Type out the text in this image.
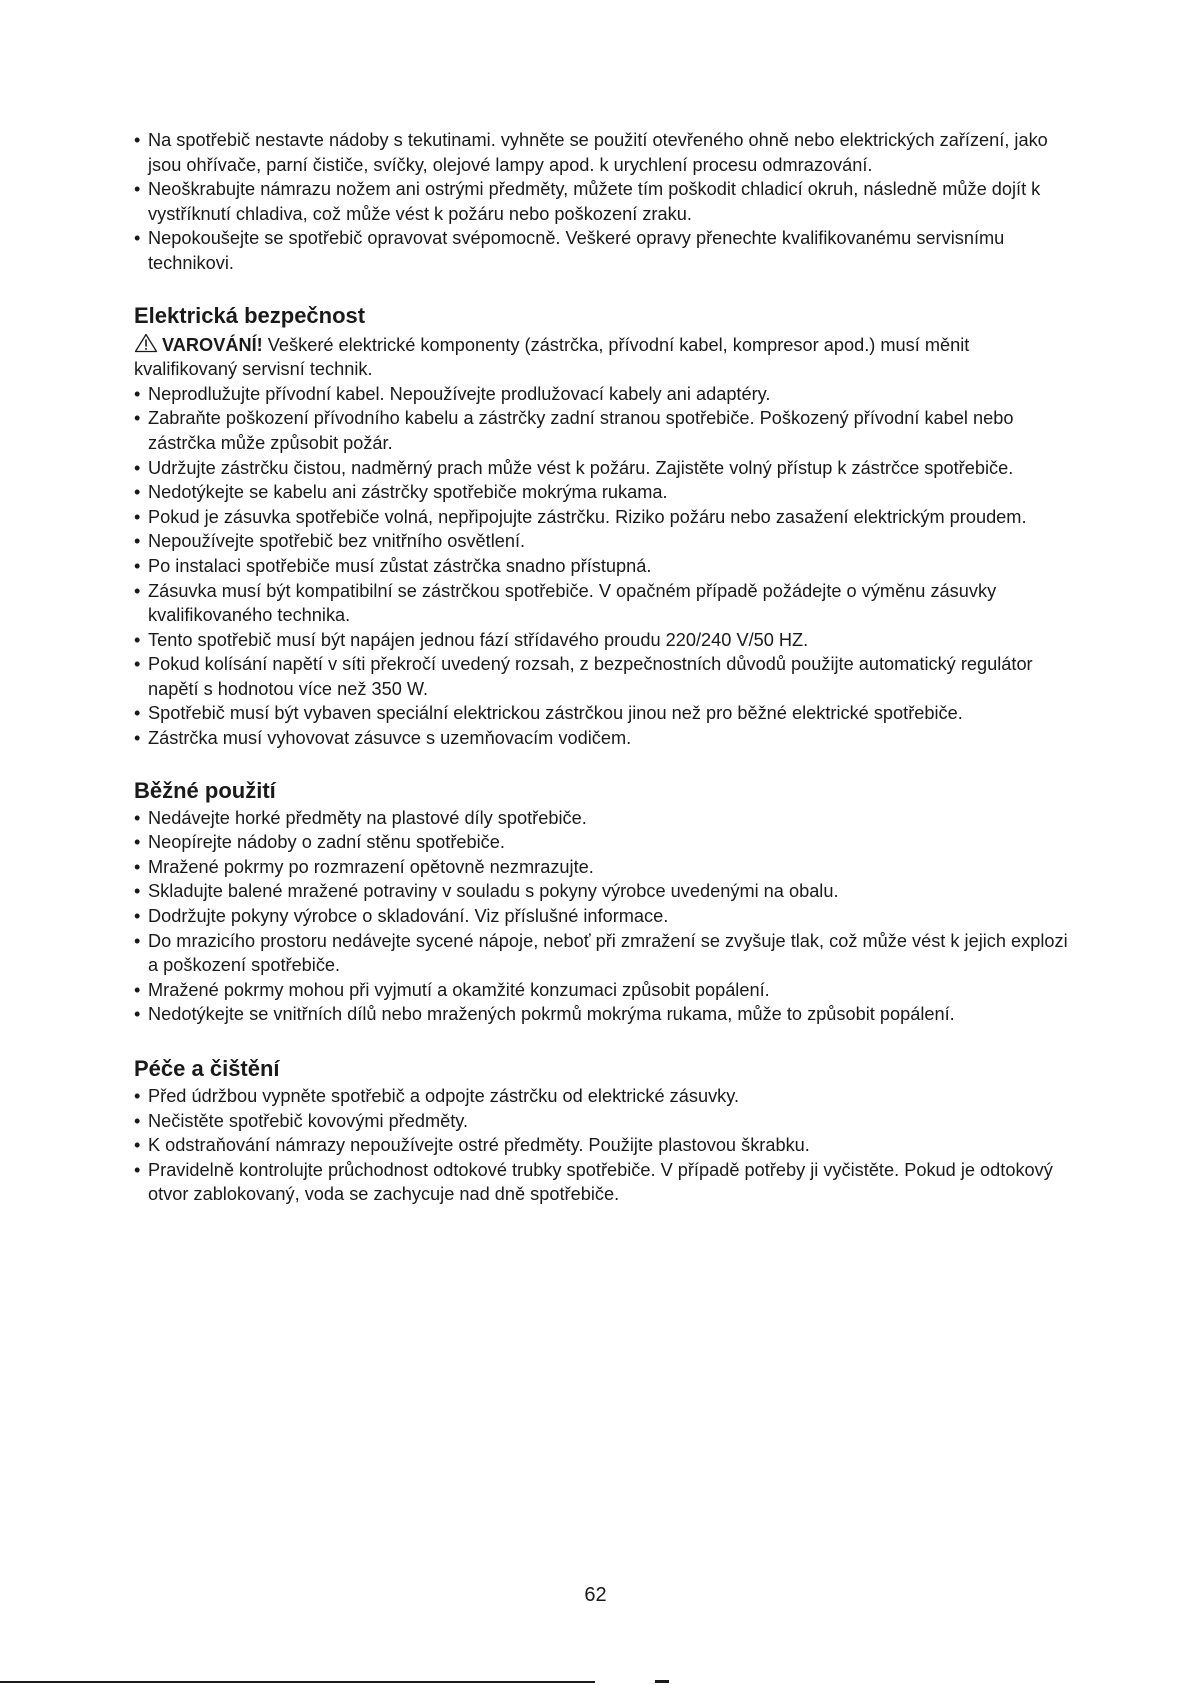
• Na spotřebič nestavte nádoby s tekutinami. vyhněte se použití otevřeného ohně nebo elektrických zařízení, jako jsou ohřívače, parní čističe, svíčky, olejové lampy apod. k urychlení procesu odmrazování.
• Neoškrabujte námrazu nožem ani ostrými předměty, můžete tím poškodit chladicí okruh, následně může dojít k vystříknutí chladiva, což může vést k požáru nebo poškození zraku.
• Nepokoušejte se spotřebič opravovat svépomocně. Veškeré opravy přenechte kvalifikovanému servisnímu technikovi.
Elektrická bezpečnost

VAROVÁNÍ! Veškeré elektrické komponenty (zástrčka, přívodní kabel, kompresor apod.) musí měnit kvalifikovaný servisní technik.

• Neprodlužujte přívodní kabel. Nepoužívejte prodlužovací kabely ani adaptéry.
• Zabraňte poškození přívodního kabelu a zástrčky zadní stranou spotřebiče. Poškozený přívodní kabel nebo zástrčka může způsobit požár.
• Udržujte zástrčku čistou, nadměrný prach může vést k požáru. Zajistěte volný přístup k zástrčce spotřebiče.
• Nedotýkejte se kabelu ani zástrčky spotřebiče mokrýma rukama.
• Pokud je zásuvka spotřebiče volná, nepřipojujte zástrčku. Riziko požáru nebo zasažení elektrickým proudem.
• Nepoužívejte spotřebič bez vnitřního osvětlení.
• Po instalaci spotřebiče musí zůstat zástrčka snadno přístupná.
• Zásuvka musí být kompatibilní se zástrčkou spotřebiče. V opačném případě požádejte o výměnu zásuvky kvalifikovaného technika.
• Tento spotřebič musí být napájen jednou fází střídavého proudu 220/240 V/50 HZ.
• Pokud kolísání napětí v síti překročí uvedený rozsah, z bezpečnostních důvodů použijte automatický regulátor napětí s hodnotou více než 350 W.
• Spotřebič musí být vybaven speciální elektrickou zástrčkou jinou než pro běžné elektrické spotřebiče.
• Zástrčka musí vyhovovat zásuvce s uzemňovacím vodičem.
Běžné použití
• Nedávejte horké předměty na plastové díly spotřebiče.
• Neopírejte nádoby o zadní stěnu spotřebiče.
• Mražené pokrmy po rozmrazení opětovně nezmrazujte.
• Skladujte balené mražené potraviny v souladu s pokyny výrobce uvedenými na obalu.
• Dodržujte pokyny výrobce o skladování. Viz příslušné informace.
• Do mrazicího prostoru nedávejte sycené nápoje, neboť při zmražení se zvyšuje tlak, což může vést k jejich explozi a poškození spotřebiče.
• Mražené pokrmy mohou při vyjmutí a okamžité konzumaci způsobit popálení.
• Nedotýkejte se vnitřních dílů nebo mražených pokrmů mokrýma rukama, může to způsobit popálení.
Péče a čištění
• Před údržbou vypněte spotřebič a odpojte zástrčku od elektrické zásuvky.
• Nečistěte spotřebič kovovými předměty.
• K odstraňování námrazy nepoužívejte ostré předměty. Použijte plastovou škrabku.
• Pravidelně kontrolujte průchodnost odtokové trubky spotřebiče. V případě potřeby ji vyčistěte. Pokud je odtokový otvor zablokovaný, voda se zachycuje nad dně spotřebiče.
62
